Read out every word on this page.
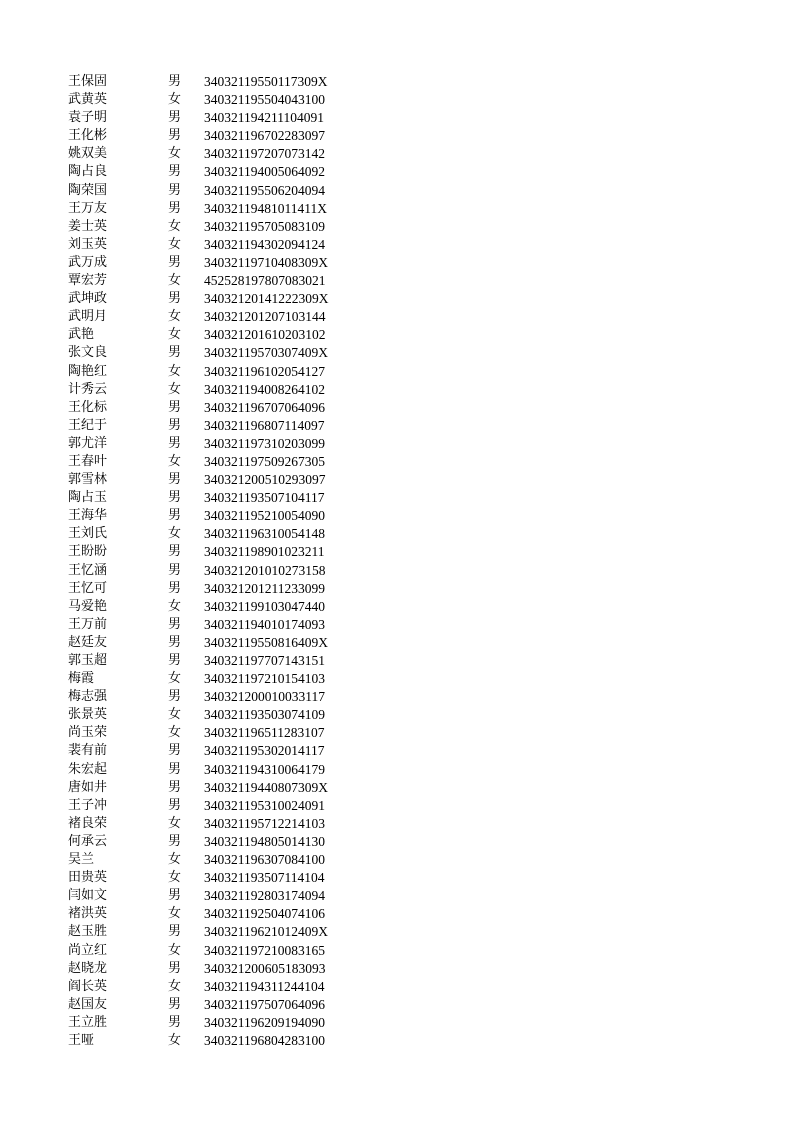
王保固	男	34032119550117309X
武黄英	女	340321195504043100
袁子明	男	340321194211104091
王化彬	男	340321196702283097
姚双美	女	340321197207073142
陶占良	男	340321194005064092
陶荣国	男	340321195506204094
王万友	男	34032119481011411X
姜士英	女	340321195705083109
刘玉英	女	340321194302094124
武万成	男	34032119710408309X
覃宏芳	女	452528197807083021
武坤政	男	34032120141222309X
武明月	女	340321201207103144
武艳	女	340321201610203102
张文良	男	34032119570307409X
陶艳红	女	340321196102054127
计秀云	女	340321194008264102
王化标	男	340321196707064096
王纪于	男	340321196807114097
郭尤洋	男	340321197310203099
王春叶	女	340321197509267305
郭雪林	男	340321200510293097
陶占玉	男	340321193507104117
王海华	男	340321195210054090
王刘氏	女	340321196310054148
王盼盼	男	340321198901023211
王忆涵	男	340321201010273158
王忆可	男	340321201211233099
马爱艳	女	340321199103047440
王万前	男	340321194010174093
赵廷友	男	34032119550816409X
郭玉超	男	340321197707143151
梅霞	女	340321197210154103
梅志强	男	340321200010033117
张景英	女	340321193503074109
尚玉荣	女	340321196511283107
裴有前	男	340321195302014117
朱宏起	男	340321194310064179
唐如井	男	34032119440807309X
王子冲	男	340321195310024091
褚良荣	女	340321195712214103
何承云	男	340321194805014130
吴兰	女	340321196307084100
田贵英	女	340321193507114104
闫如文	男	340321192803174094
褚洪英	女	340321192504074106
赵玉胜	男	34032119621012409X
尚立红	女	340321197210083165
赵晓龙	男	340321200605183093
阎长英	女	340321194311244104
赵国友	男	340321197507064096
王立胜	男	340321196209194090
王哑	女	340321196804283100
